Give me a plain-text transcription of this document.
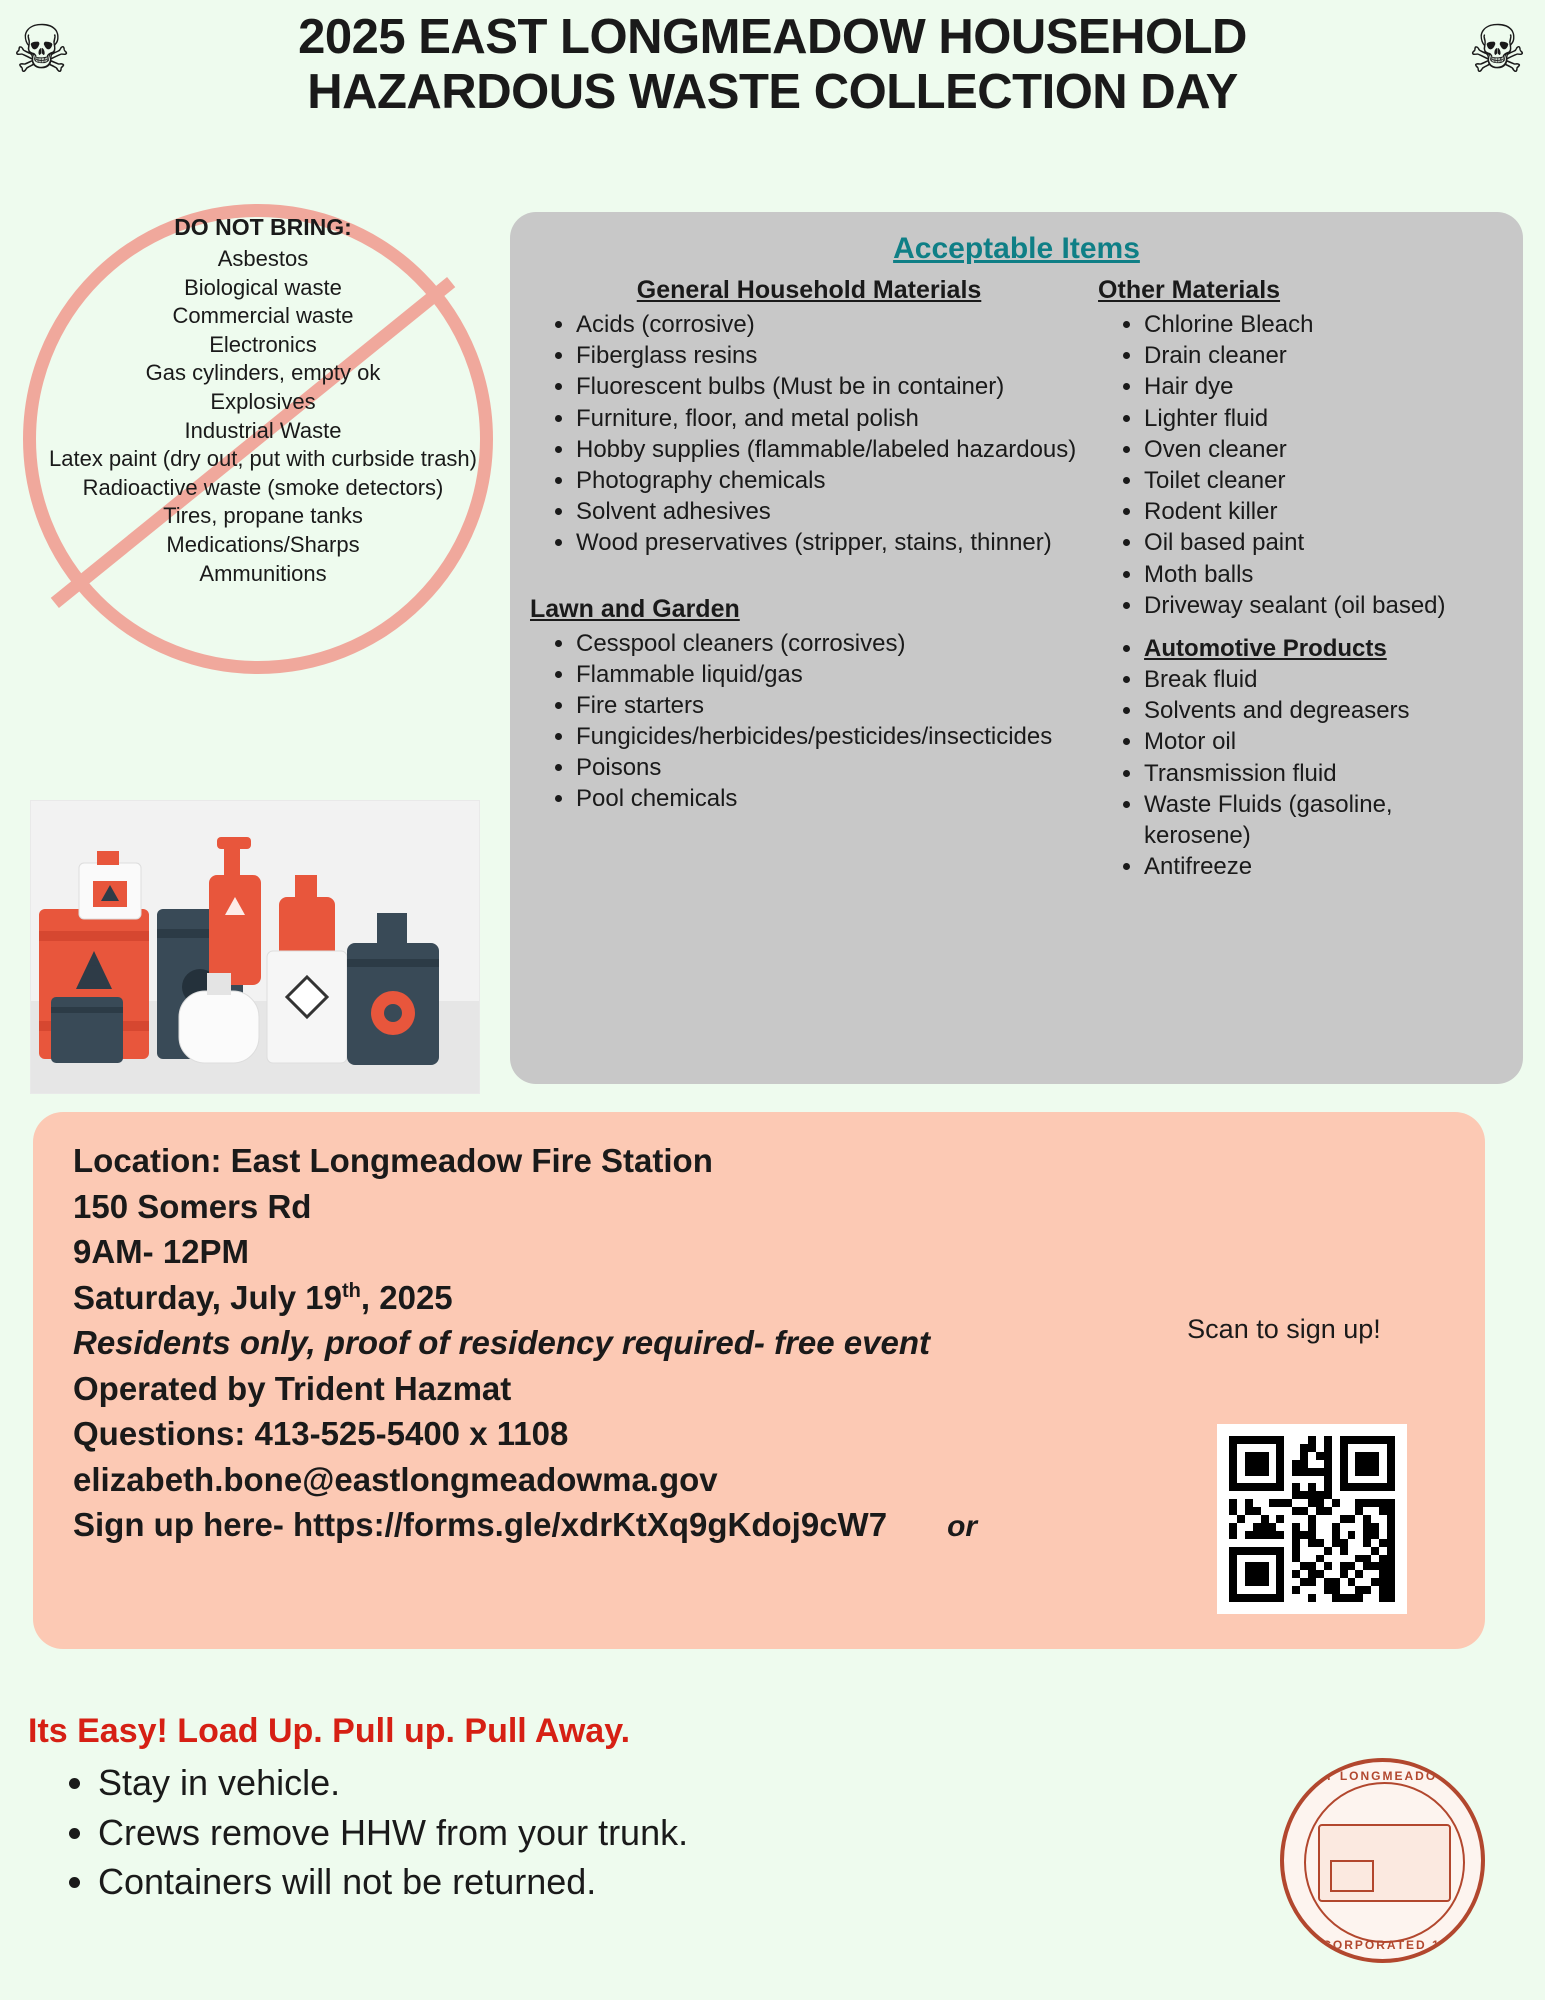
☠	☠
2025 EAST LONGMEADOW HOUSEHOLD
HAZARDOUS WASTE COLLECTION DAY
DO NOT BRING:
Asbestos
Biological waste
Commercial waste
Electronics
Gas cylinders, empty ok
Explosives
Industrial Waste
Latex paint (dry out, put with curbside trash)
Radioactive waste (smoke detectors)
Tires, propane tanks
Medications/Sharps
Ammunitions
Acceptable Items
General Household Materials
• Acids (corrosive)
• Fiberglass resins
• Fluorescent bulbs (Must be in container)
• Furniture, floor, and metal polish
• Hobby supplies (flammable/labeled hazardous)
• Photography chemicals
• Solvent adhesives
• Wood preservatives (stripper, stains, thinner)
Lawn and Garden
• Cesspool cleaners (corrosives)
• Flammable liquid/gas
• Fire starters
• Fungicides/herbicides/pesticides/insecticides
• Poisons
• Pool chemicals
Other Materials
• Chlorine Bleach
• Drain cleaner
• Hair dye
• Lighter fluid
• Oven cleaner
• Toilet cleaner
• Rodent killer
• Oil based paint
• Moth balls
• Driveway sealant (oil based)
• Automotive Products
• Break fluid
• Solvents and degreasers
• Motor oil
• Transmission fluid
• Waste Fluids (gasoline, kerosene)
• Antifreeze
Location: East Longmeadow Fire Station
150 Somers Rd
9AM- 12PM
Saturday, July 19th, 2025
Residents only, proof of residency required- free event
Operated by Trident Hazmat
Questions: 413-525-5400 x 1108
elizabeth.bone@eastlongmeadowma.gov
Sign up here- https://forms.gle/xdrKtXq9gKdoj9cW7 or
Scan to sign up!
Its Easy! Load Up. Pull up. Pull Away.
• Stay in vehicle.
• Crews remove HHW from your trunk.
• Containers will not be returned.
EAST LONGMEADOW MA
INCORPORATED 1894
